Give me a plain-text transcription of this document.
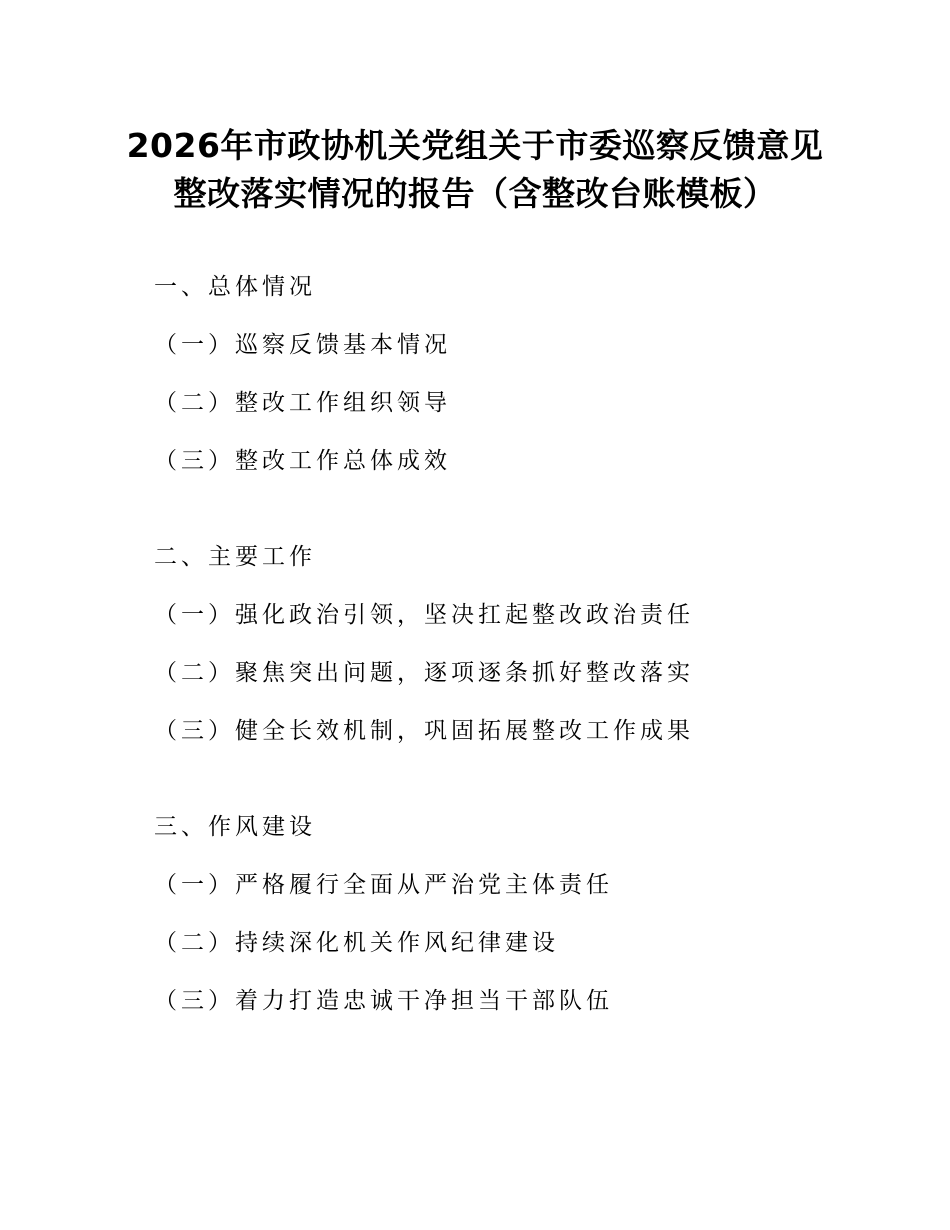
2026年市政协机关党组关于市委巡察反馈意见
整改落实情况的报告（含整改台账模板）
一、总体情况
（一）巡察反馈基本情况
（二）整改工作组织领导
（三）整改工作总体成效
二、主要工作
（一）强化政治引领，坚决扛起整改政治责任
（二）聚焦突出问题，逐项逐条抓好整改落实
（三）健全长效机制，巩固拓展整改工作成果
三、作风建设
（一）严格履行全面从严治党主体责任
（二）持续深化机关作风纪律建设
（三）着力打造忠诚干净担当干部队伍
